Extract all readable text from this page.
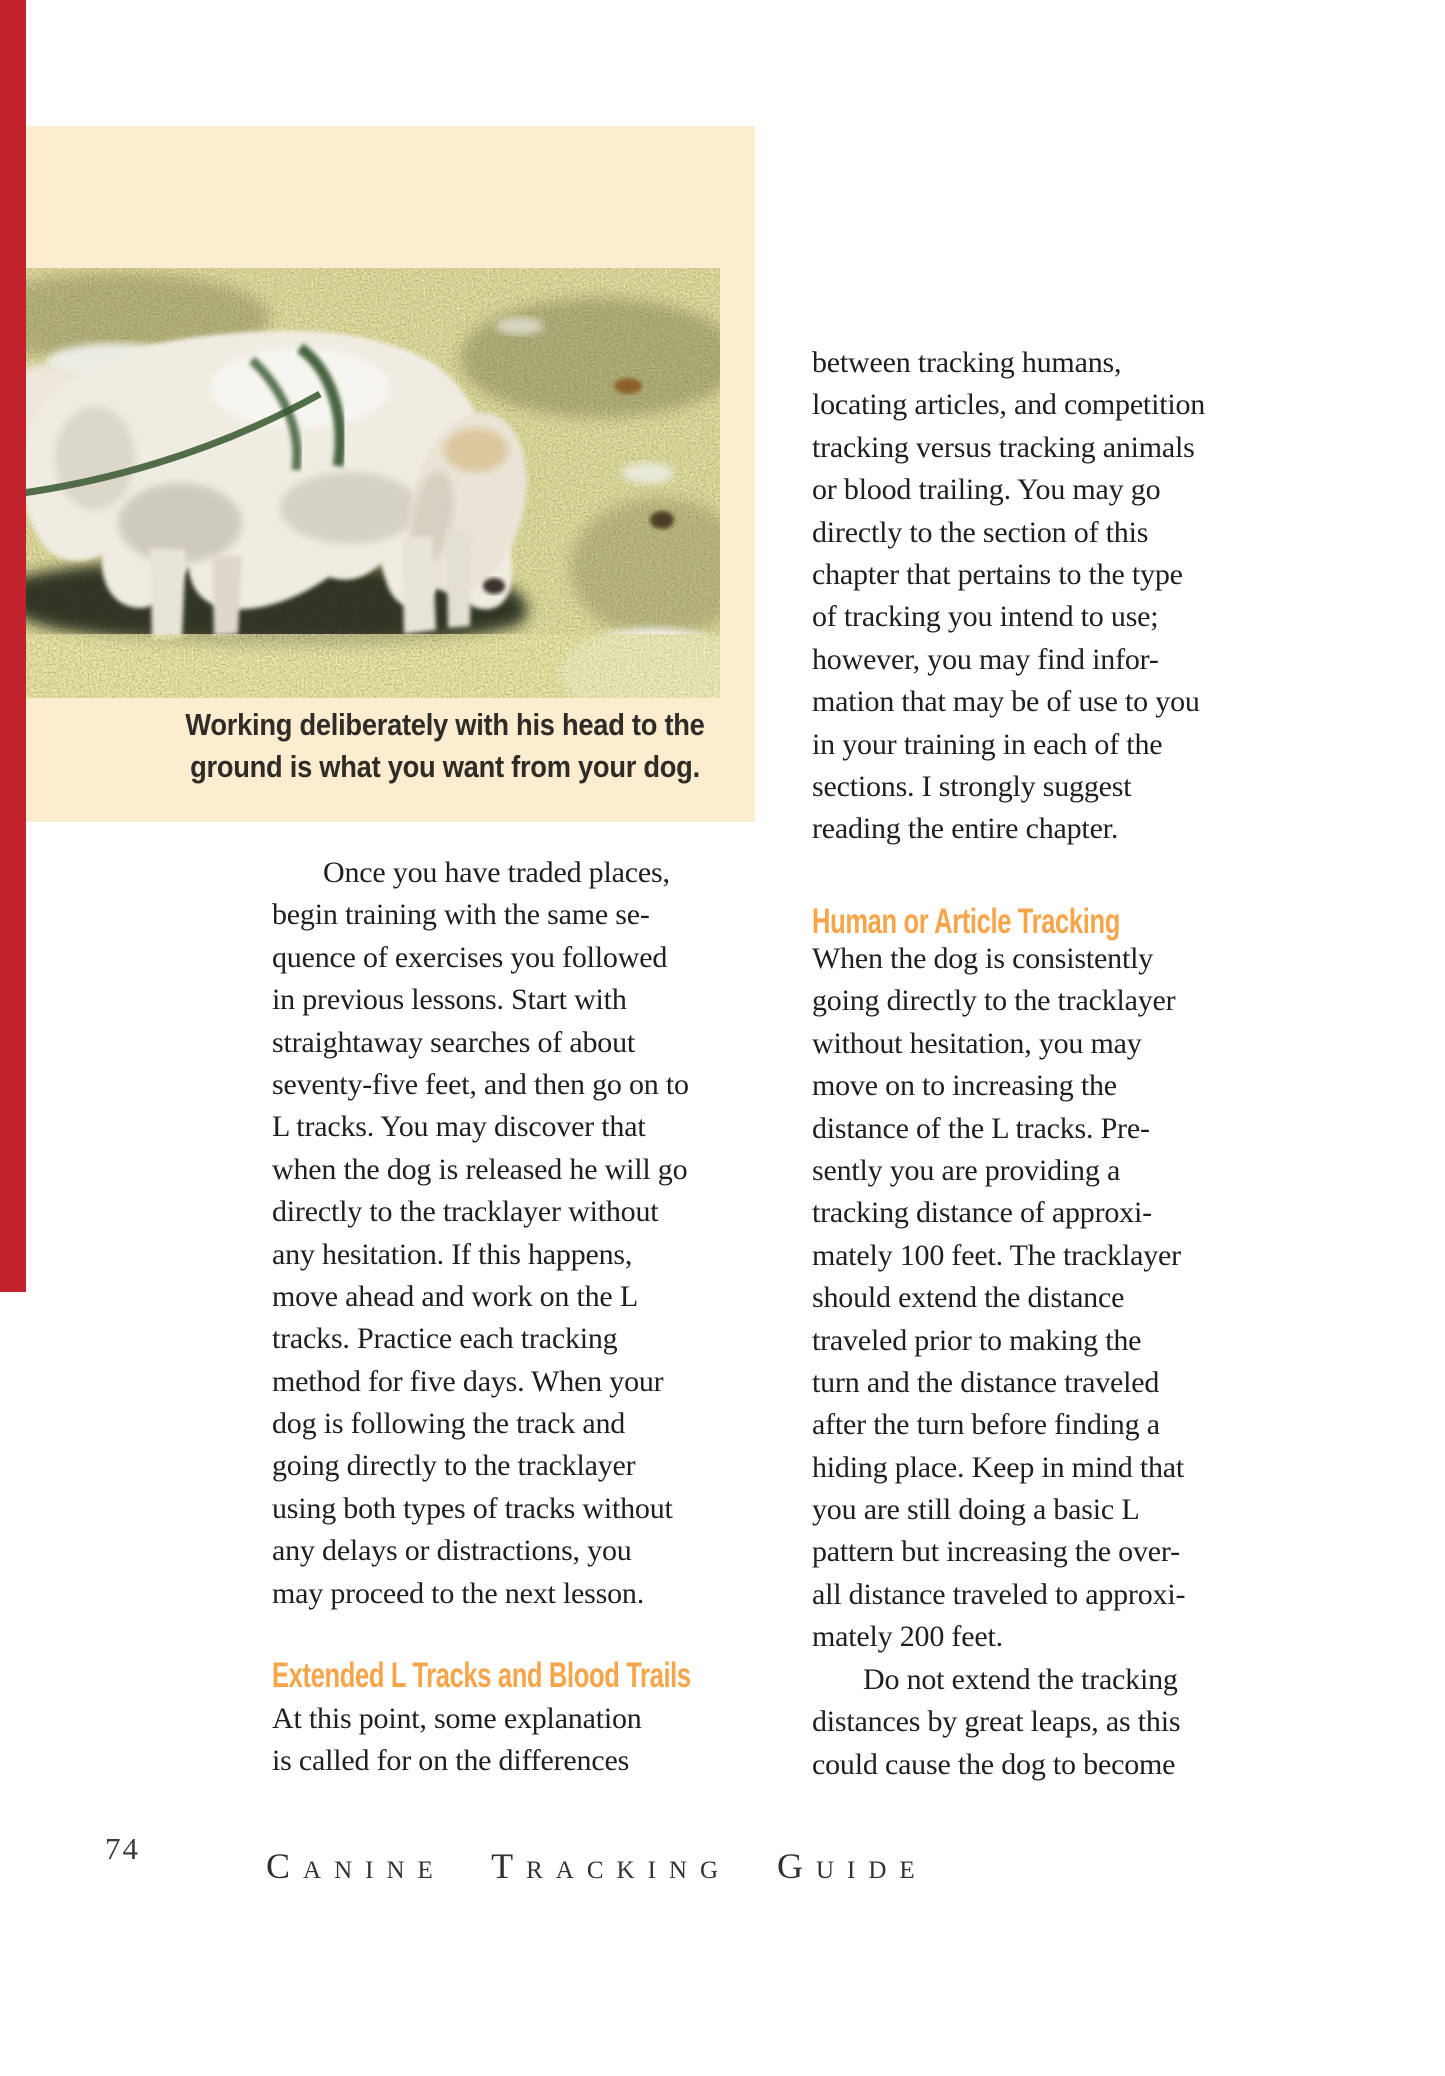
Working deliberately with his head to the
ground is what you want from your dog.
Once you have traded places,
begin training with the same se-
quence of exercises you followed
in previous lessons. Start with
straightaway searches of about
seventy-five feet, and then go on to
L tracks. You may discover that
when the dog is released he will go
directly to the tracklayer without
any hesitation. If this happens,
move ahead and work on the L
tracks. Practice each tracking
method for five days. When your
dog is following the track and
going directly to the tracklayer
using both types of tracks without
any delays or distractions, you
may proceed to the next lesson.
Extended L Tracks and Blood Trails
At this point, some explanation
is called for on the differences
between tracking humans,
locating articles, and competition
tracking versus tracking animals
or blood trailing. You may go
directly to the section of this
chapter that pertains to the type
of tracking you intend to use;
however, you may find infor-
mation that may be of use to you
in your training in each of the
sections. I strongly suggest
reading the entire chapter.
Human or Article Tracking
When the dog is consistently
going directly to the tracklayer
without hesitation, you may
move on to increasing the
distance of the L tracks. Pre-
sently you are providing a
tracking distance of approxi-
mately 100 feet. The tracklayer
should extend the distance
traveled prior to making the
turn and the distance traveled
after the turn before finding a
hiding place. Keep in mind that
you are still doing a basic L
pattern but increasing the over-
all distance traveled to approxi-
mately 200 feet.
Do not extend the tracking
distances by great leaps, as this
could cause the dog to become
74	Canine Tracking Guide
